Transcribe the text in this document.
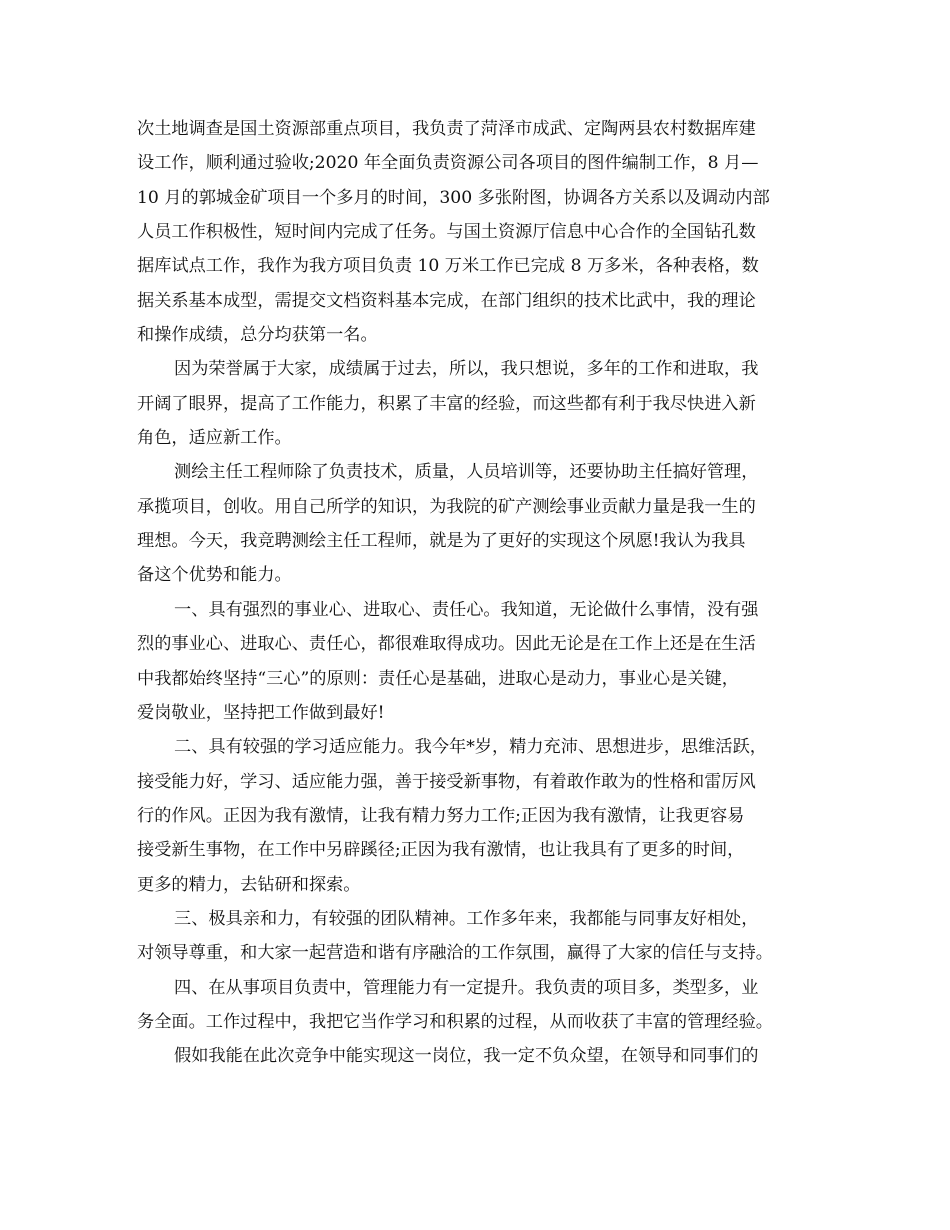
次土地调查是国土资源部重点项目，我负责了菏泽市成武、定陶两县农村数据库建
设工作，顺利通过验收;2020 年全面负责资源公司各项目的图件编制工作，8 月—
10 月的郭城金矿项目一个多月的时间，300 多张附图，协调各方关系以及调动内部
人员工作积极性，短时间内完成了任务。与国土资源厅信息中心合作的全国钻孔数
据库试点工作，我作为我方项目负责 10 万米工作已完成 8 万多米，各种表格，数
据关系基本成型，需提交文档资料基本完成，在部门组织的技术比武中，我的理论
和操作成绩，总分均获第一名。
因为荣誉属于大家，成绩属于过去，所以，我只想说，多年的工作和进取，我
开阔了眼界，提高了工作能力，积累了丰富的经验，而这些都有利于我尽快进入新
角色，适应新工作。
测绘主任工程师除了负责技术，质量，人员培训等，还要协助主任搞好管理，
承揽项目，创收。用自己所学的知识，为我院的矿产测绘事业贡献力量是我一生的
理想。今天，我竞聘测绘主任工程师，就是为了更好的实现这个夙愿!我认为我具
备这个优势和能力。
一、具有强烈的事业心、进取心、责任心。我知道，无论做什么事情，没有强
烈的事业心、进取心、责任心，都很难取得成功。因此无论是在工作上还是在生活
中我都始终坚持“三心”的原则：责任心是基础，进取心是动力，事业心是关键，
爱岗敬业，坚持把工作做到最好!
二、具有较强的学习适应能力。我今年*岁，精力充沛、思想进步，思维活跃，
接受能力好，学习、适应能力强，善于接受新事物，有着敢作敢为的性格和雷厉风
行的作风。正因为我有激情，让我有精力努力工作;正因为我有激情，让我更容易
接受新生事物，在工作中另辟蹊径;正因为我有激情，也让我具有了更多的时间，
更多的精力，去钻研和探索。
三、极具亲和力，有较强的团队精神。工作多年来，我都能与同事友好相处，
对领导尊重，和大家一起营造和谐有序融洽的工作氛围，赢得了大家的信任与支持。
四、在从事项目负责中，管理能力有一定提升。我负责的项目多，类型多，业
务全面。工作过程中，我把它当作学习和积累的过程，从而收获了丰富的管理经验。
假如我能在此次竞争中能实现这一岗位，我一定不负众望，在领导和同事们的
